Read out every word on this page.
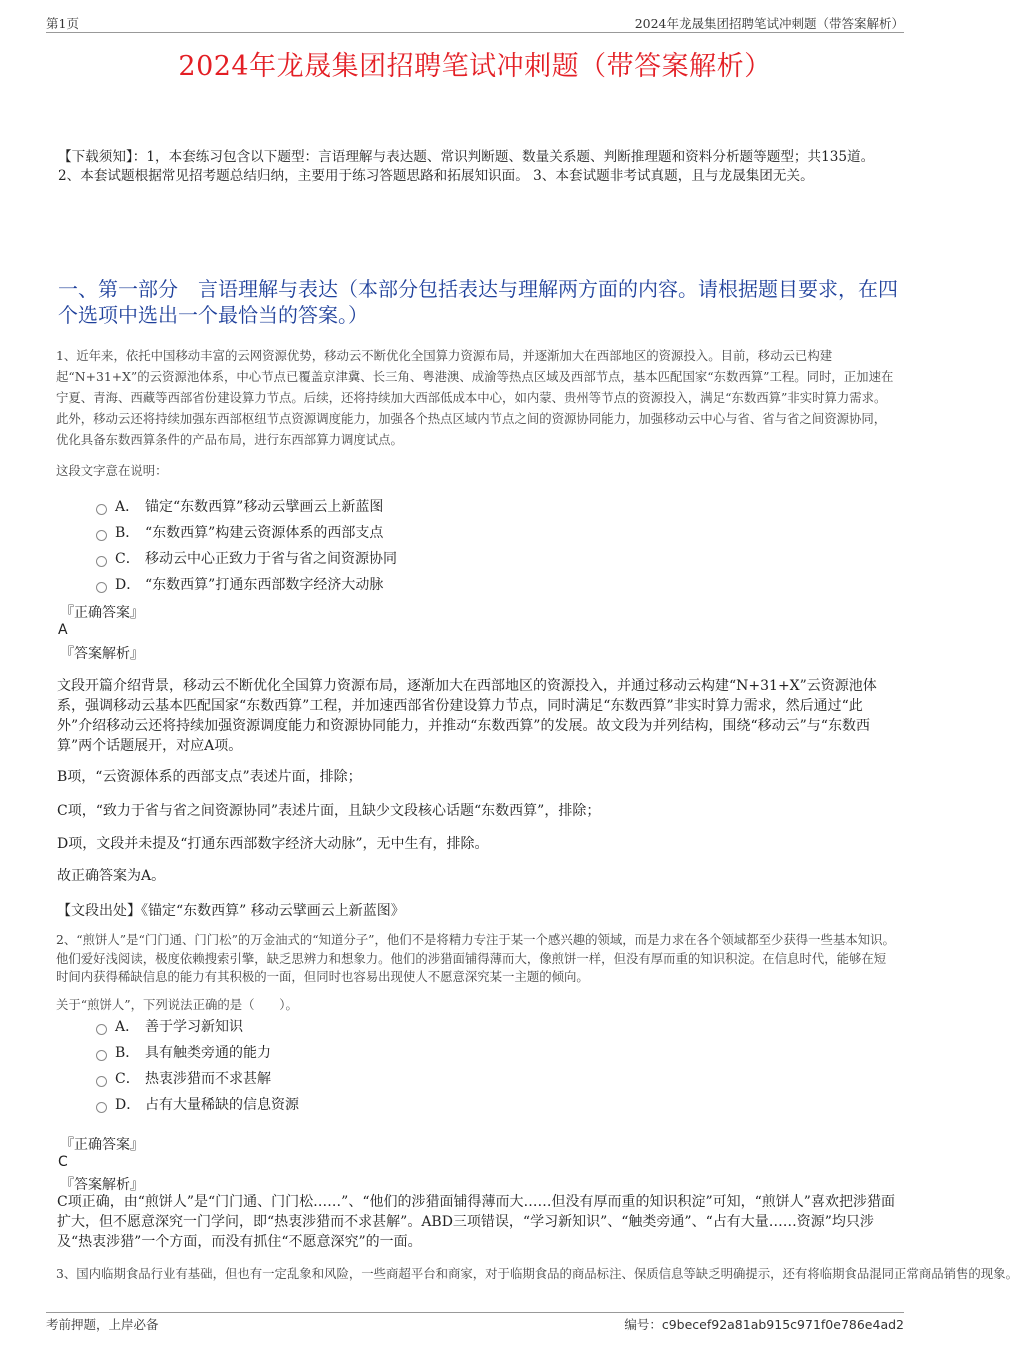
第1页	2024年龙晟集团招聘笔试冲刺题（带答案解析）
2024年龙晟集团招聘笔试冲刺题（带答案解析）
【下载须知】：1，本套练习包含以下题型：言语理解与表达题、常识判断题、数量关系题、判断推理题和资料分析题等题型；共135道。 2、本套试题根据常见招考题总结归纳，主要用于练习答题思路和拓展知识面。 3、本套试题非考试真题，且与龙晟集团无关。
一、第一部分　言语理解与表达（本部分包括表达与理解两方面的内容。请根据题目要求，在四个选项中选出一个最恰当的答案。）
1、近年来，依托中国移动丰富的云网资源优势，移动云不断优化全国算力资源布局，并逐渐加大在西部地区的资源投入。目前，移动云已构建起“N+31+X”的云资源池体系，中心节点已覆盖京津冀、长三角、粤港澳、成渝等热点区域及西部节点，基本匹配国家“东数西算”工程。同时，正加速在宁夏、青海、西藏等西部省份建设算力节点。后续，还将持续加大西部低成本中心，如内蒙、贵州等节点的资源投入，满足“东数西算”非实时算力需求。此外，移动云还将持续加强东西部枢纽节点资源调度能力，加强各个热点区域内节点之间的资源协同能力，加强移动云中心与省、省与省之间资源协同，优化具备东数西算条件的产品布局，进行东西部算力调度试点。
这段文字意在说明：
A． 锚定“东数西算”移动云擘画云上新蓝图
B． “东数西算”构建云资源体系的西部支点
C． 移动云中心正致力于省与省之间资源协同
D． “东数西算”打通东西部数字经济大动脉
『正确答案』
A
『答案解析』
文段开篇介绍背景，移动云不断优化全国算力资源布局，逐渐加大在西部地区的资源投入，并通过移动云构建“N+31+X”云资源池体系，强调移动云基本匹配国家“东数西算”工程，并加速西部省份建设算力节点，同时满足“东数西算”非实时算力需求，然后通过“此外”介绍移动云还将持续加强资源调度能力和资源协同能力，并推动“东数西算”的发展。故文段为并列结构，围绕“移动云”与“东数西算”两个话题展开，对应A项。
B项，“云资源体系的西部支点”表述片面，排除；
C项，“致力于省与省之间资源协同”表述片面，且缺少文段核心话题“东数西算”，排除；
D项，文段并未提及“打通东西部数字经济大动脉”，无中生有，排除。
故正确答案为A。
【文段出处】《锚定“东数西算” 移动云擘画云上新蓝图》
2、“煎饼人”是“门门通、门门松”的万金油式的“知道分子”，他们不是将精力专注于某一个感兴趣的领域，而是力求在各个领域都至少获得一些基本知识。他们爱好浅阅读，极度依赖搜索引擎，缺乏思辨力和想象力。他们的涉猎面铺得薄而大，像煎饼一样，但没有厚而重的知识积淀。在信息时代，能够在短时间内获得稀缺信息的能力有其积极的一面，但同时也容易出现使人不愿意深究某一主题的倾向。
关于“煎饼人”，下列说法正确的是（　　）。
A． 善于学习新知识
B． 具有触类旁通的能力
C． 热衷涉猎而不求甚解
D． 占有大量稀缺的信息资源
『正确答案』
C
『答案解析』
C项正确，由“煎饼人”是“门门通、门门松……”、“他们的涉猎面铺得薄而大……但没有厚而重的知识积淀”可知，“煎饼人”喜欢把涉猎面扩大，但不愿意深究一门学问，即“热衷涉猎而不求甚解”。ABD三项错误，“学习新知识”、“触类旁通”、“占有大量……资源”均只涉及“热衷涉猎”一个方面，而没有抓住“不愿意深究”的一面。
3、国内临期食品行业有基础，但也有一定乱象和风险，一些商超平台和商家，对于临期食品的商品标注、保质信息等缺乏明确提示，还有将临期食品混同正常商品销售的现象。
考前押题，上岸必备	编号：c9becef92a81ab915c971f0e786e4ad2
